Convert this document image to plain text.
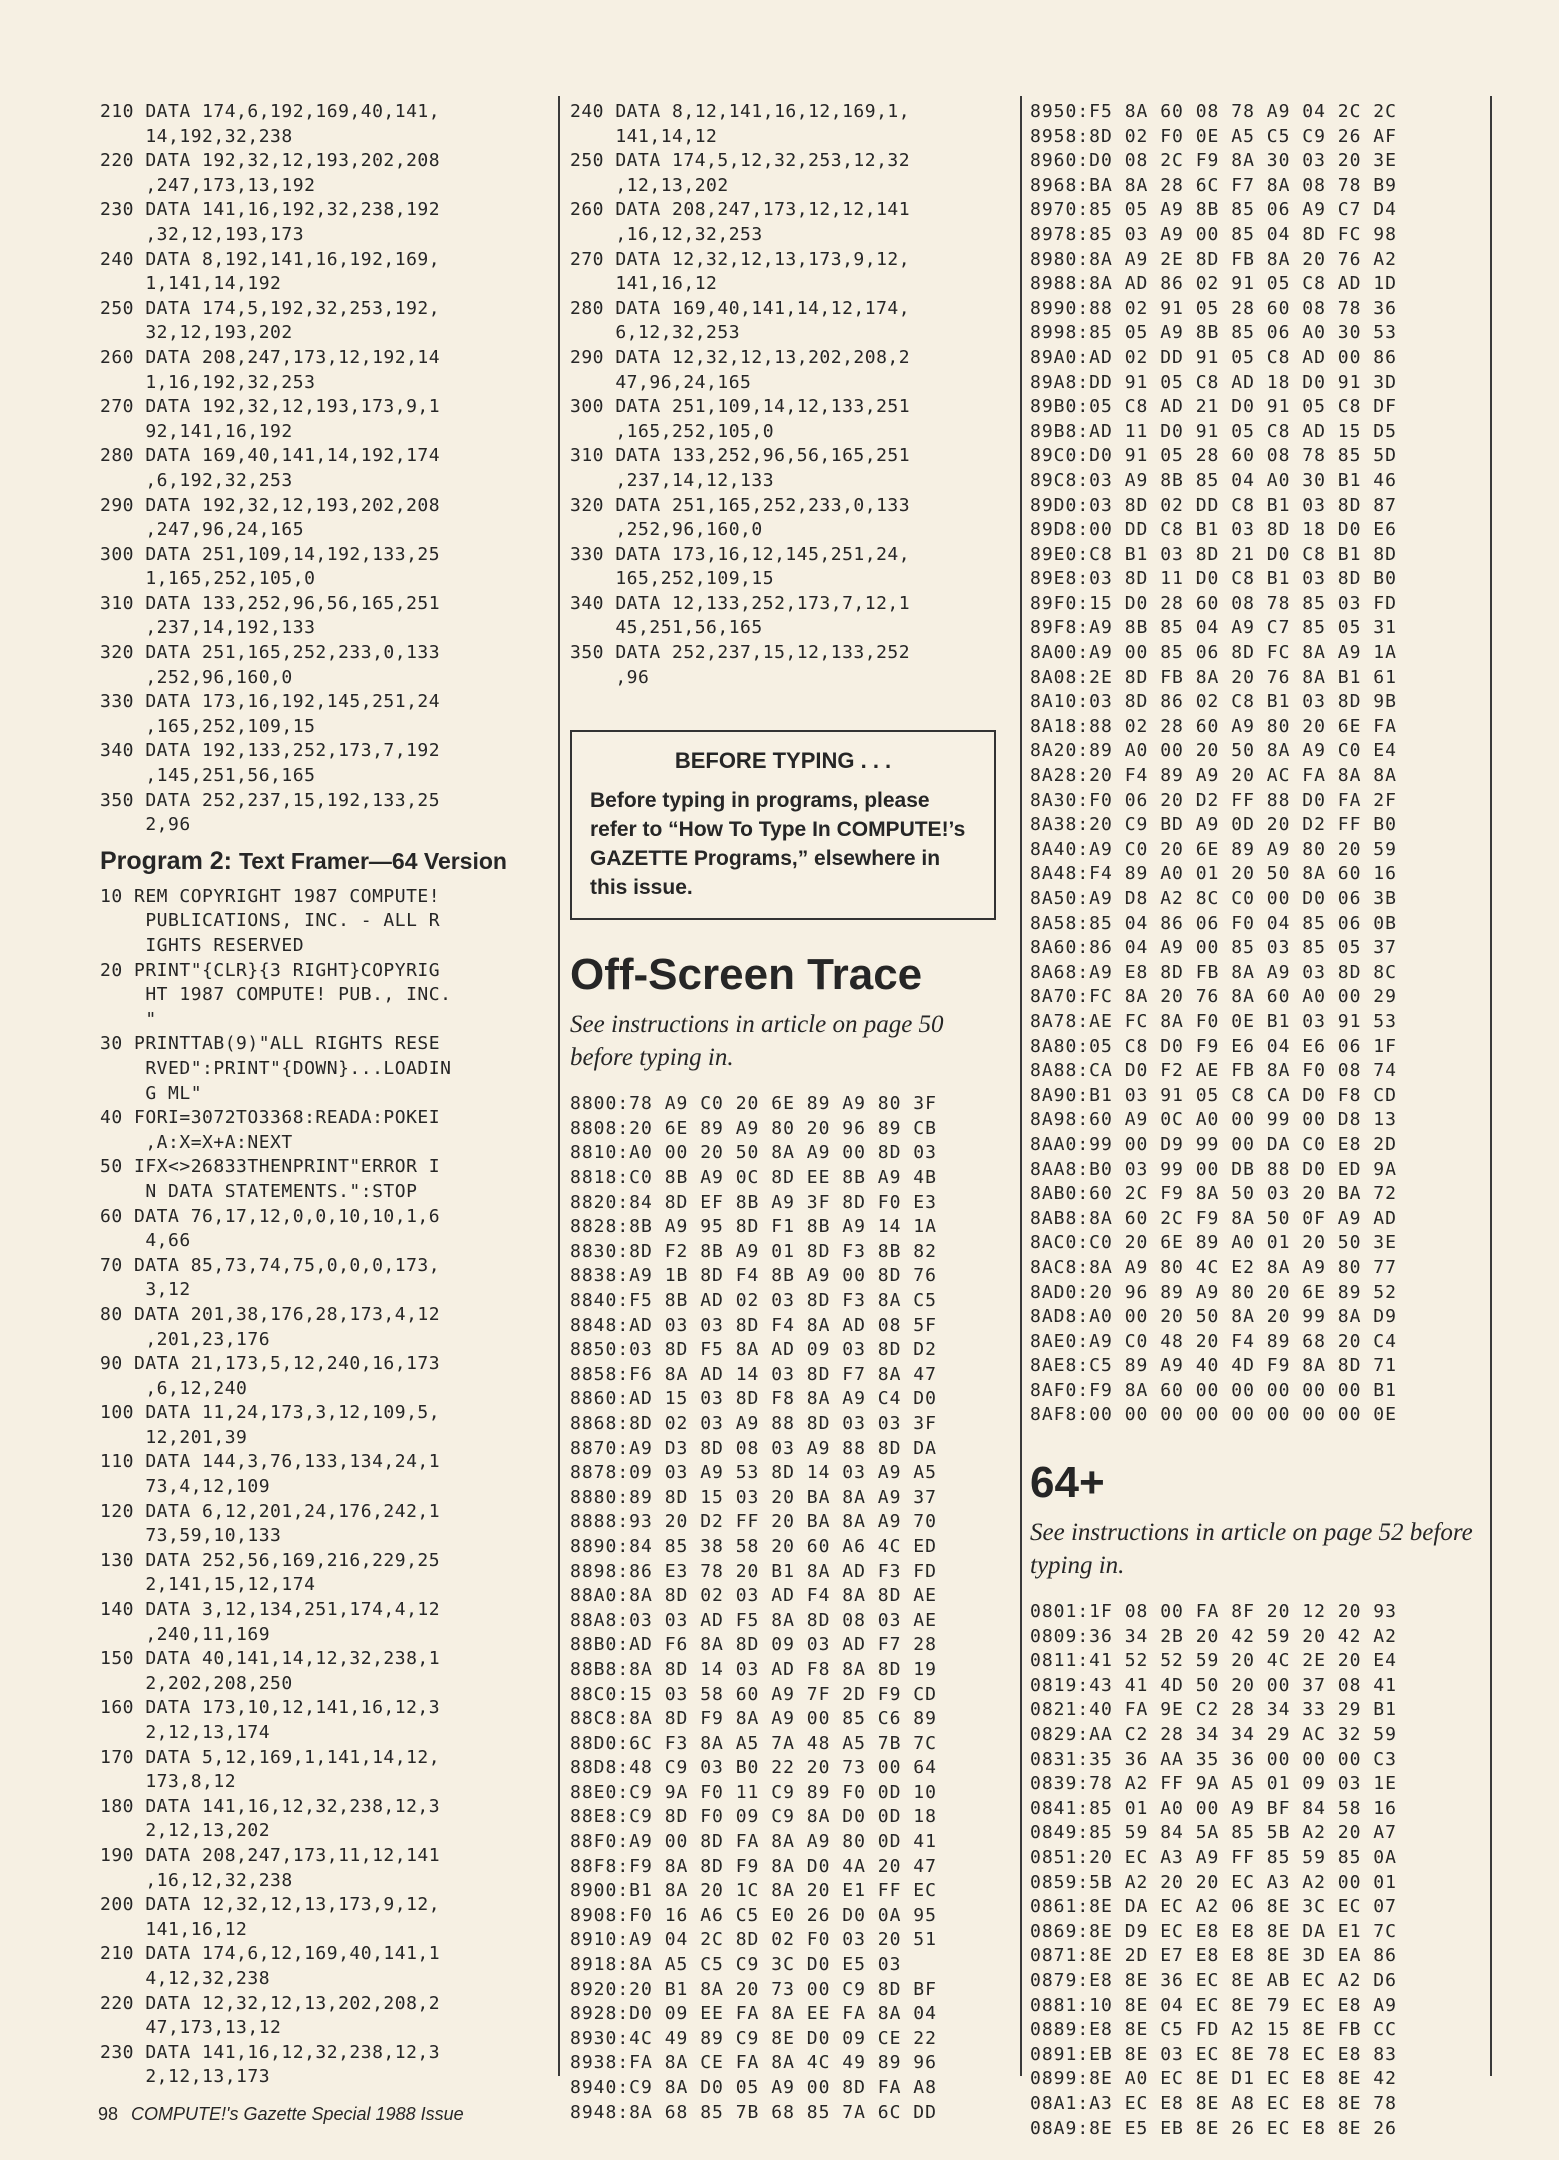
210 DATA 174,6,192,169,40,141,
14,192,32,238
220 DATA 192,32,12,193,202,208
,247,173,13,192
230 DATA 141,16,192,32,238,192
,32,12,193,173
240 DATA 8,192,141,16,192,169,
1,141,14,192
250 DATA 174,5,192,32,253,192,
32,12,193,202
260 DATA 208,247,173,12,192,14
1,16,192,32,253
270 DATA 192,32,12,193,173,9,1
92,141,16,192
280 DATA 169,40,141,14,192,174
,6,192,32,253
290 DATA 192,32,12,193,202,208
,247,96,24,165
300 DATA 251,109,14,192,133,25
1,165,252,105,0
310 DATA 133,252,96,56,165,251
,237,14,192,133
320 DATA 251,165,252,233,0,133
,252,96,160,0
330 DATA 173,16,192,145,251,24
,165,252,109,15
340 DATA 192,133,252,173,7,192
,145,251,56,165
350 DATA 252,237,15,192,133,25
2,96
Program 2: Text Framer—64 Version
10 REM COPYRIGHT 1987 COMPUTE!
PUBLICATIONS, INC. - ALL R
IGHTS RESERVED
20 PRINT"{CLR}{3 RIGHT}COPYRIG
HT 1987 COMPUTE! PUB., INC.
"
30 PRINTTAB(9)"ALL RIGHTS RESE
RVED":PRINT"{DOWN}...LOADIN
G ML"
40 FORI=3072TO3368:READA:POKEI
,A:X=X+A:NEXT
50 IFX<>26833THENPRINT"ERROR I
N DATA STATEMENTS.":STOP
60 DATA 76,17,12,0,0,10,10,1,6
4,66
70 DATA 85,73,74,75,0,0,0,173,
3,12
80 DATA 201,38,176,28,173,4,12
,201,23,176
90 DATA 21,173,5,12,240,16,173
,6,12,240
100 DATA 11,24,173,3,12,109,5,
12,201,39
110 DATA 144,3,76,133,134,24,1
73,4,12,109
120 DATA 6,12,201,24,176,242,1
73,59,10,133
130 DATA 252,56,169,216,229,25
2,141,15,12,174
140 DATA 3,12,134,251,174,4,12
,240,11,169
150 DATA 40,141,14,12,32,238,1
2,202,208,250
160 DATA 173,10,12,141,16,12,3
2,12,13,174
170 DATA 5,12,169,1,141,14,12,
173,8,12
180 DATA 141,16,12,32,238,12,3
2,12,13,202
190 DATA 208,247,173,11,12,141
,16,12,32,238
200 DATA 12,32,12,13,173,9,12,
141,16,12
210 DATA 174,6,12,169,40,141,1
4,12,32,238
220 DATA 12,32,12,13,202,208,2
47,173,13,12
230 DATA 141,16,12,32,238,12,3
2,12,13,173
240 DATA 8,12,141,16,12,169,1,
141,14,12
250 DATA 174,5,12,32,253,12,32
,12,13,202
260 DATA 208,247,173,12,12,141
,16,12,32,253
270 DATA 12,32,12,13,173,9,12,
141,16,12
280 DATA 169,40,141,14,12,174,
6,12,32,253
290 DATA 12,32,12,13,202,208,2
47,96,24,165
300 DATA 251,109,14,12,133,251
,165,252,105,0
310 DATA 133,252,96,56,165,251
,237,14,12,133
320 DATA 251,165,252,233,0,133
,252,96,160,0
330 DATA 173,16,12,145,251,24,
165,252,109,15
340 DATA 12,133,252,173,7,12,1
45,251,56,165
350 DATA 252,237,15,12,133,252
,96
BEFORE TYPING . . .
Before typing in programs, please refer to “How To Type In COMPUTE!’s GAZETTE Programs,” elsewhere in this issue.
Off-Screen Trace
See instructions in article on page 50 before typing in.
8800:78 A9 C0 20 6E 89 A9 80 3F
8808:20 6E 89 A9 80 20 96 89 CB
8810:A0 00 20 50 8A A9 00 8D 03
8818:C0 8B A9 0C 8D EE 8B A9 4B
8820:84 8D EF 8B A9 3F 8D F0 E3
8828:8B A9 95 8D F1 8B A9 14 1A
8830:8D F2 8B A9 01 8D F3 8B 82
8838:A9 1B 8D F4 8B A9 00 8D 76
8840:F5 8B AD 02 03 8D F3 8A C5
8848:AD 03 03 8D F4 8A AD 08 5F
8850:03 8D F5 8A AD 09 03 8D D2
8858:F6 8A AD 14 03 8D F7 8A 47
8860:AD 15 03 8D F8 8A A9 C4 D0
8868:8D 02 03 A9 88 8D 03 03 3F
8870:A9 D3 8D 08 03 A9 88 8D DA
8878:09 03 A9 53 8D 14 03 A9 A5
8880:89 8D 15 03 20 BA 8A A9 37
8888:93 20 D2 FF 20 BA 8A A9 70
8890:84 85 38 58 20 60 A6 4C ED
8898:86 E3 78 20 B1 8A AD F3 FD
88A0:8A 8D 02 03 AD F4 8A 8D AE
88A8:03 03 AD F5 8A 8D 08 03 AE
88B0:AD F6 8A 8D 09 03 AD F7 28
88B8:8A 8D 14 03 AD F8 8A 8D 19
88C0:15 03 58 60 A9 7F 2D F9 CD
88C8:8A 8D F9 8A A9 00 85 C6 89
88D0:6C F3 8A A5 7A 48 A5 7B 7C
88D8:48 C9 03 B0 22 20 73 00 64
88E0:C9 9A F0 11 C9 89 F0 0D 10
88E8:C9 8D F0 09 C9 8A D0 0D 18
88F0:A9 00 8D FA 8A A9 80 0D 41
88F8:F9 8A 8D F9 8A D0 4A 20 47
8900:B1 8A 20 1C 8A 20 E1 FF EC
8908:F0 16 A6 C5 E0 26 D0 0A 95
8910:A9 04 2C 8D 02 F0 03 20 51
8918:8A A5 C5 C9 3C D0 E5 03
8920:20 B1 8A 20 73 00 C9 8D BF
8928:D0 09 EE FA 8A EE FA 8A 04
8930:4C 49 89 C9 8E D0 09 CE 22
8938:FA 8A CE FA 8A 4C 49 89 96
8940:C9 8A D0 05 A9 00 8D FA A8
8948:8A 68 85 7B 68 85 7A 6C DD
8950:F5 8A 60 08 78 A9 04 2C 2C
8958:8D 02 F0 0E A5 C5 C9 26 AF
8960:D0 08 2C F9 8A 30 03 20 3E
8968:BA 8A 28 6C F7 8A 08 78 B9
8970:85 05 A9 8B 85 06 A9 C7 D4
8978:85 03 A9 00 85 04 8D FC 98
8980:8A A9 2E 8D FB 8A 20 76 A2
8988:8A AD 86 02 91 05 C8 AD 1D
8990:88 02 91 05 28 60 08 78 36
8998:85 05 A9 8B 85 06 A0 30 53
89A0:AD 02 DD 91 05 C8 AD 00 86
89A8:DD 91 05 C8 AD 18 D0 91 3D
89B0:05 C8 AD 21 D0 91 05 C8 DF
89B8:AD 11 D0 91 05 C8 AD 15 D5
89C0:D0 91 05 28 60 08 78 85 5D
89C8:03 A9 8B 85 04 A0 30 B1 46
89D0:03 8D 02 DD C8 B1 03 8D 87
89D8:00 DD C8 B1 03 8D 18 D0 E6
89E0:C8 B1 03 8D 21 D0 C8 B1 8D
89E8:03 8D 11 D0 C8 B1 03 8D B0
89F0:15 D0 28 60 08 78 85 03 FD
89F8:A9 8B 85 04 A9 C7 85 05 31
8A00:A9 00 85 06 8D FC 8A A9 1A
8A08:2E 8D FB 8A 20 76 8A B1 61
8A10:03 8D 86 02 C8 B1 03 8D 9B
8A18:88 02 28 60 A9 80 20 6E FA
8A20:89 A0 00 20 50 8A A9 C0 E4
8A28:20 F4 89 A9 20 AC FA 8A 8A
8A30:F0 06 20 D2 FF 88 D0 FA 2F
8A38:20 C9 BD A9 0D 20 D2 FF B0
8A40:A9 C0 20 6E 89 A9 80 20 59
8A48:F4 89 A0 01 20 50 8A 60 16
8A50:A9 D8 A2 8C C0 00 D0 06 3B
8A58:85 04 86 06 F0 04 85 06 0B
8A60:86 04 A9 00 85 03 85 05 37
8A68:A9 E8 8D FB 8A A9 03 8D 8C
8A70:FC 8A 20 76 8A 60 A0 00 29
8A78:AE FC 8A F0 0E B1 03 91 53
8A80:05 C8 D0 F9 E6 04 E6 06 1F
8A88:CA D0 F2 AE FB 8A F0 08 74
8A90:B1 03 91 05 C8 CA D0 F8 CD
8A98:60 A9 0C A0 00 99 00 D8 13
8AA0:99 00 D9 99 00 DA C0 E8 2D
8AA8:B0 03 99 00 DB 88 D0 ED 9A
8AB0:60 2C F9 8A 50 03 20 BA 72
8AB8:8A 60 2C F9 8A 50 0F A9 AD
8AC0:C0 20 6E 89 A0 01 20 50 3E
8AC8:8A A9 80 4C E2 8A A9 80 77
8AD0:20 96 89 A9 80 20 6E 89 52
8AD8:A0 00 20 50 8A 20 99 8A D9
8AE0:A9 C0 48 20 F4 89 68 20 C4
8AE8:C5 89 A9 40 4D F9 8A 8D 71
8AF0:F9 8A 60 00 00 00 00 00 B1
8AF8:00 00 00 00 00 00 00 00 0E
64+
See instructions in article on page 52 before typing in.
0801:1F 08 00 FA 8F 20 12 20 93
0809:36 34 2B 20 42 59 20 42 A2
0811:41 52 52 59 20 4C 2E 20 E4
0819:43 41 4D 50 20 00 37 08 41
0821:40 FA 9E C2 28 34 33 29 B1
0829:AA C2 28 34 34 29 AC 32 59
0831:35 36 AA 35 36 00 00 00 C3
0839:78 A2 FF 9A A5 01 09 03 1E
0841:85 01 A0 00 A9 BF 84 58 16
0849:85 59 84 5A 85 5B A2 20 A7
0851:20 EC A3 A9 FF 85 59 85 0A
0859:5B A2 20 20 EC A3 A2 00 01
0861:8E DA EC A2 06 8E 3C EC 07
0869:8E D9 EC E8 E8 8E DA E1 7C
0871:8E 2D E7 E8 E8 8E 3D EA 86
0879:E8 8E 36 EC 8E AB EC A2 D6
0881:10 8E 04 EC 8E 79 EC E8 A9
0889:E8 8E C5 FD A2 15 8E FB CC
0891:EB 8E 03 EC 8E 78 EC E8 83
0899:8E A0 EC 8E D1 EC E8 8E 42
08A1:A3 EC E8 8E A8 EC E8 8E 78
08A9:8E E5 EB 8E 26 EC E8 8E 26
98 COMPUTE!'s Gazette Special 1988 Issue
